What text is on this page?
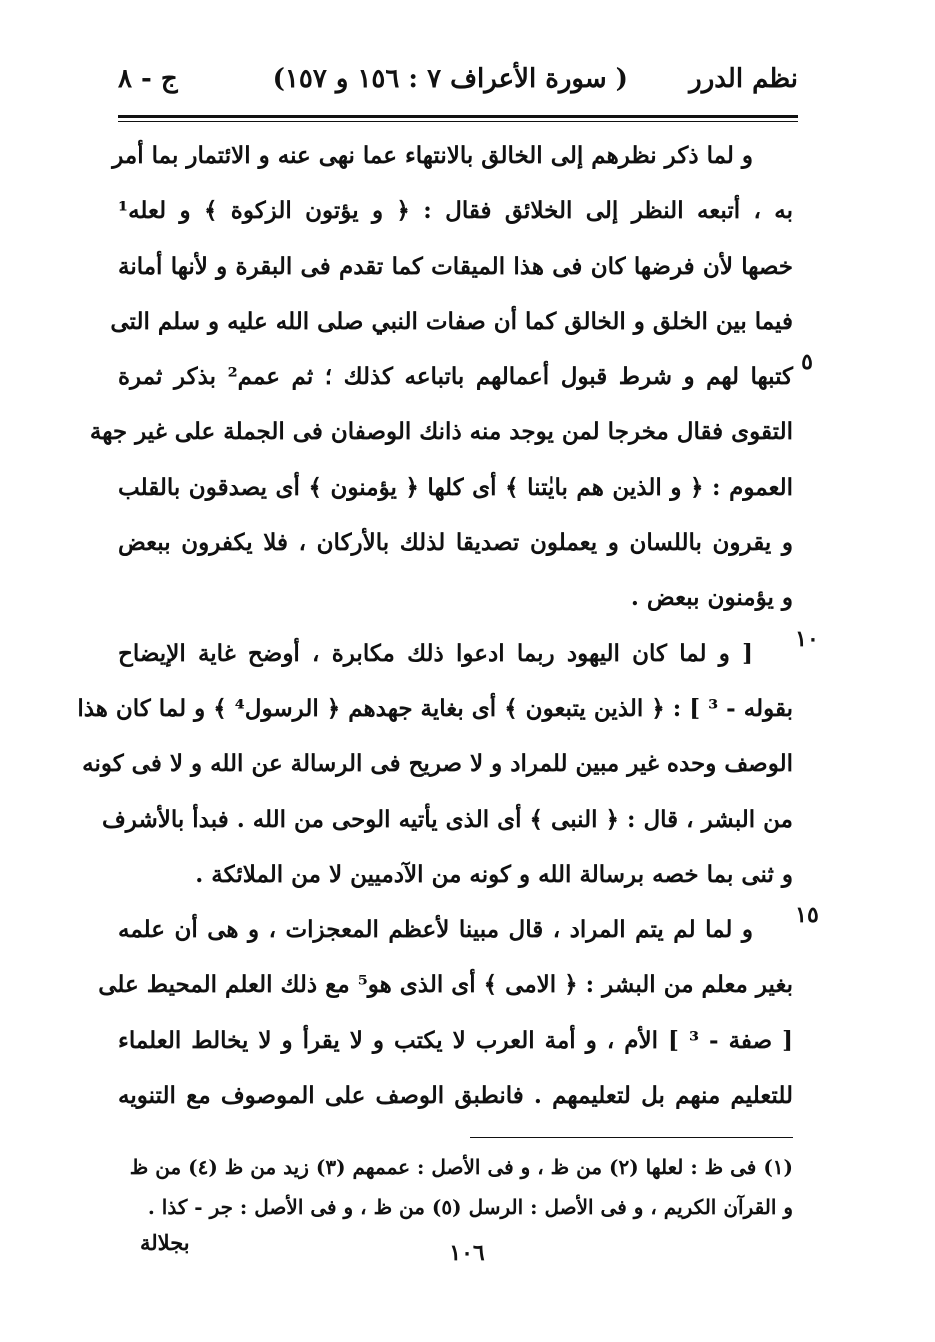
نظم الدرر
( سورة الأعراف ٧ : ١٥٦ و ١٥٧)
ج - ٨
و لما ذكر نظرهم إلى الخالق بالانتهاء عما نهى عنه و الائتمار بما أمر
به ، أتبعه النظر إلى الخلائق فقال : ﴿ و يؤتون الزكوة ﴾ و لعله¹
خصها لأن فرضها كان فى هذا الميقات كما تقدم فى البقرة و لأنها أمانة
فيما بين الخلق و الخالق كما أن صفات النبي صلى الله عليه و سلم التى
كتبها لهم و شرط قبول أعمالهم باتباعه كذلك ؛ ثم عمم² بذكر ثمرة
التقوى فقال مخرجا لمن يوجد منه ذانك الوصفان فى الجملة على غير جهة
العموم : ﴿ و الذين هم بايٰتنا ﴾ أى كلها ﴿ يؤمنون ﴾ أى يصدقون بالقلب
و يقرون باللسان و يعملون تصديقا لذلك بالأركان ، فلا يكفرون ببعض
و يؤمنون ببعض .
[ و لما كان اليهود ربما ادعوا ذلك مكابرة ، أوضح غاية الإيضاح
بقوله - ³ ] : ﴿ الذين يتبعون ﴾ أى بغاية جهدهم ﴿ الرسول⁴ ﴾ و لما كان هذا
الوصف وحده غير مبين للمراد و لا صريح فى الرسالة عن الله و لا فى كونه
من البشر ، قال : ﴿ النبى ﴾ أى الذى يأتيه الوحى من الله . فبدأ بالأشرف
و ثنى بما خصه برسالة الله و كونه من الآدميين لا من الملائكة .
و لما لم يتم المراد ، قال مبينا لأعظم المعجزات ، و هى أن علمه
بغير معلم من البشر : ﴿ الامى ﴾ أى الذى هو⁵ مع ذلك العلم المحيط على
[ صفة - ³ ] الأم ، و أمة العرب لا يكتب و لا يقرأ و لا يخالط العلماء
للتعليم منهم بل لتعليمهم . فانطبق الوصف على الموصوف مع التنويه
٥
١٠
١٥
(١) فى ظ : لعلها (٢) من ظ ، و فى الأصل : عممهم (٣) زيد من ظ (٤) من ظ
و القرآن الكريم ، و فى الأصل : الرسل (٥) من ظ ، و فى الأصل : جر - كذا .
بجلالة	١٠٦
